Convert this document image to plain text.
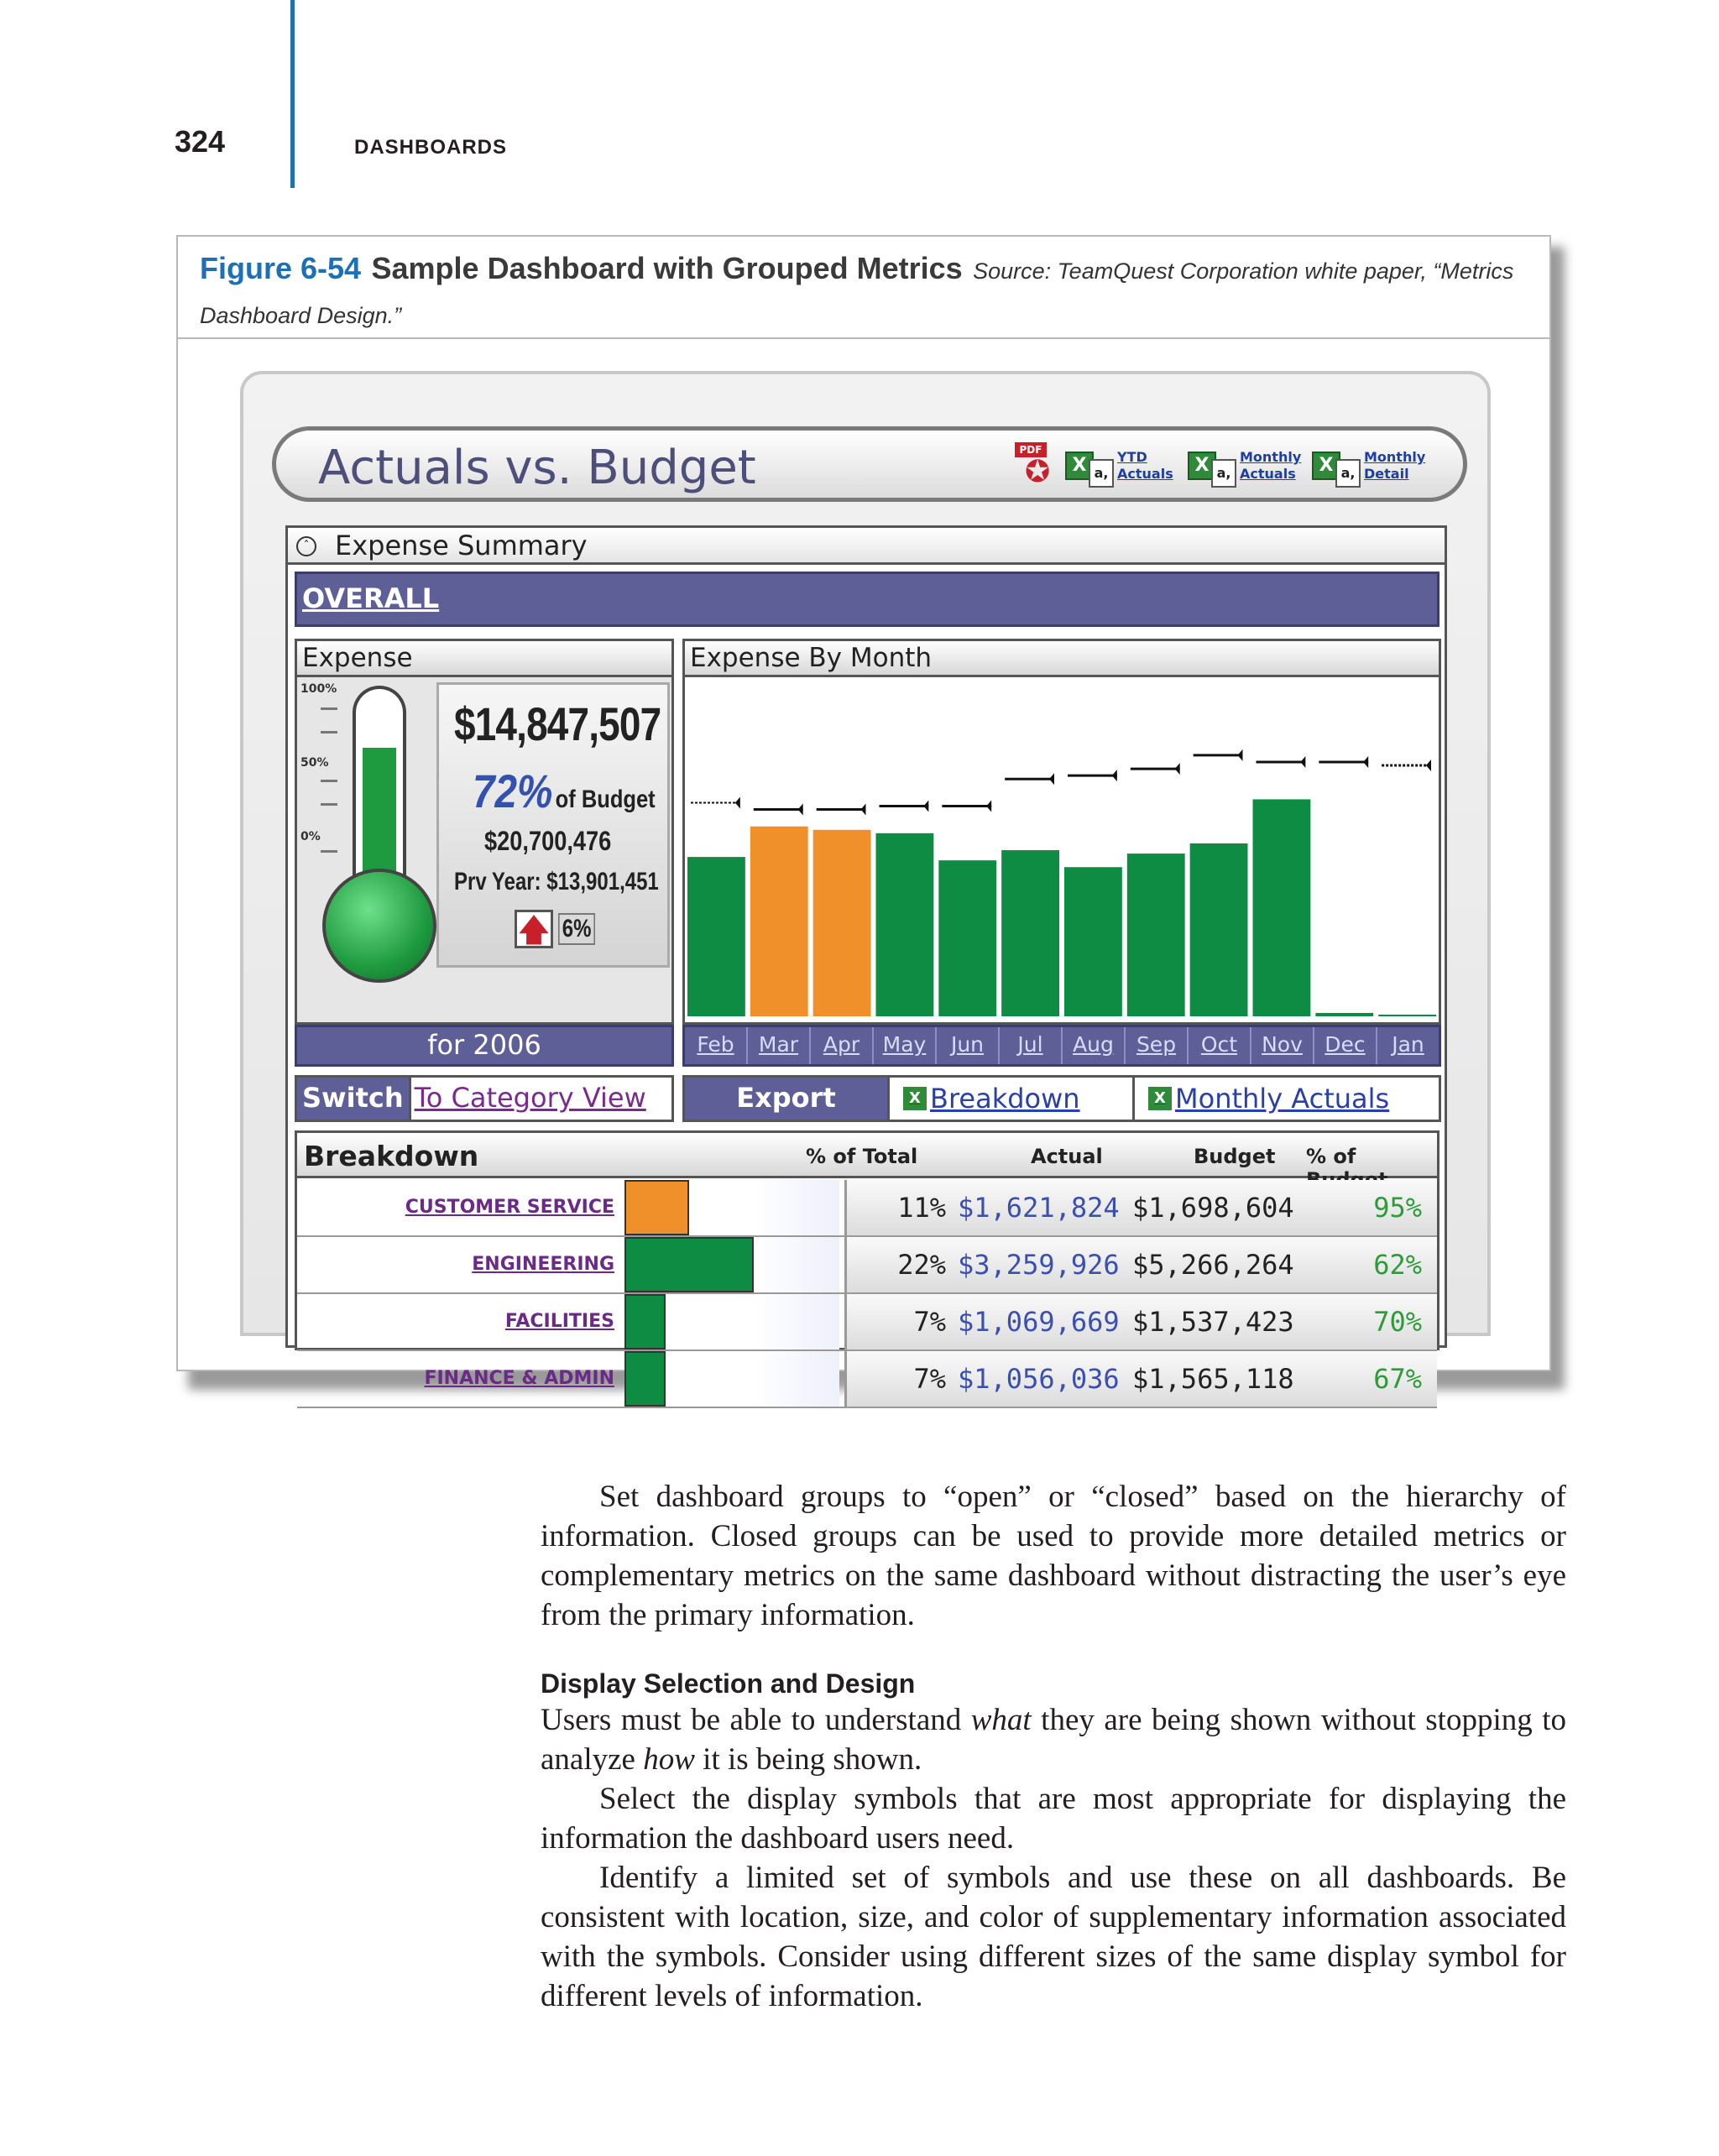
324	DASHBOARDS
Figure 6-54 Sample Dashboard with Grouped Metrics Source: TeamQuest Corporation white paper, “Metrics Dashboard Design.”
Actuals vs. Budget	PDF
✪	X a,
YTD
Actuals	X a,
Monthly
Actuals	X a,
Monthly
Detail
ˆ Expense Summary
OVERALL
Expense	Expense By Month
100%
50%
0%
$14,847,507
72% of Budget
$20,700,476
Prv Year: $13,901,451
🡅 6%
for 2006	Feb	Mar	Apr	May	Jun	Jul	Aug	Sep	Oct	Nov	Dec	Jan
Switch To Category View	Export	X Breakdown	X Monthly Actuals
Breakdown	% of Total	Actual	Budget % of
CUSTOMER SERVICE	11% $1,621,824 $1,698,604	95%
ENGINEERING	22% $3,259,926 $5,266,264	62%
FACILITIES	7% $1,069,669 $1,537,423	70%
FINANCE & ADMIN	7% $1,056,036 $1,565,118	67%

Set dashboard groups to “open” or “closed” based on the hierarchy of information. Closed groups can be used to provide more detailed metrics or complementary metrics on the same dashboard without distracting the user’s eye from the primary information.

Display Selection and Design

Users must be able to understand what they are being shown without stopping to analyze how it is being shown.

Select the display symbols that are most appropriate for displaying the information the dashboard users need.

Identify a limited set of symbols and use these on all dashboards. Be consistent with location, size, and color of supplementary information associated with the symbols. Consider using different sizes of the same display symbol for different levels of information.
